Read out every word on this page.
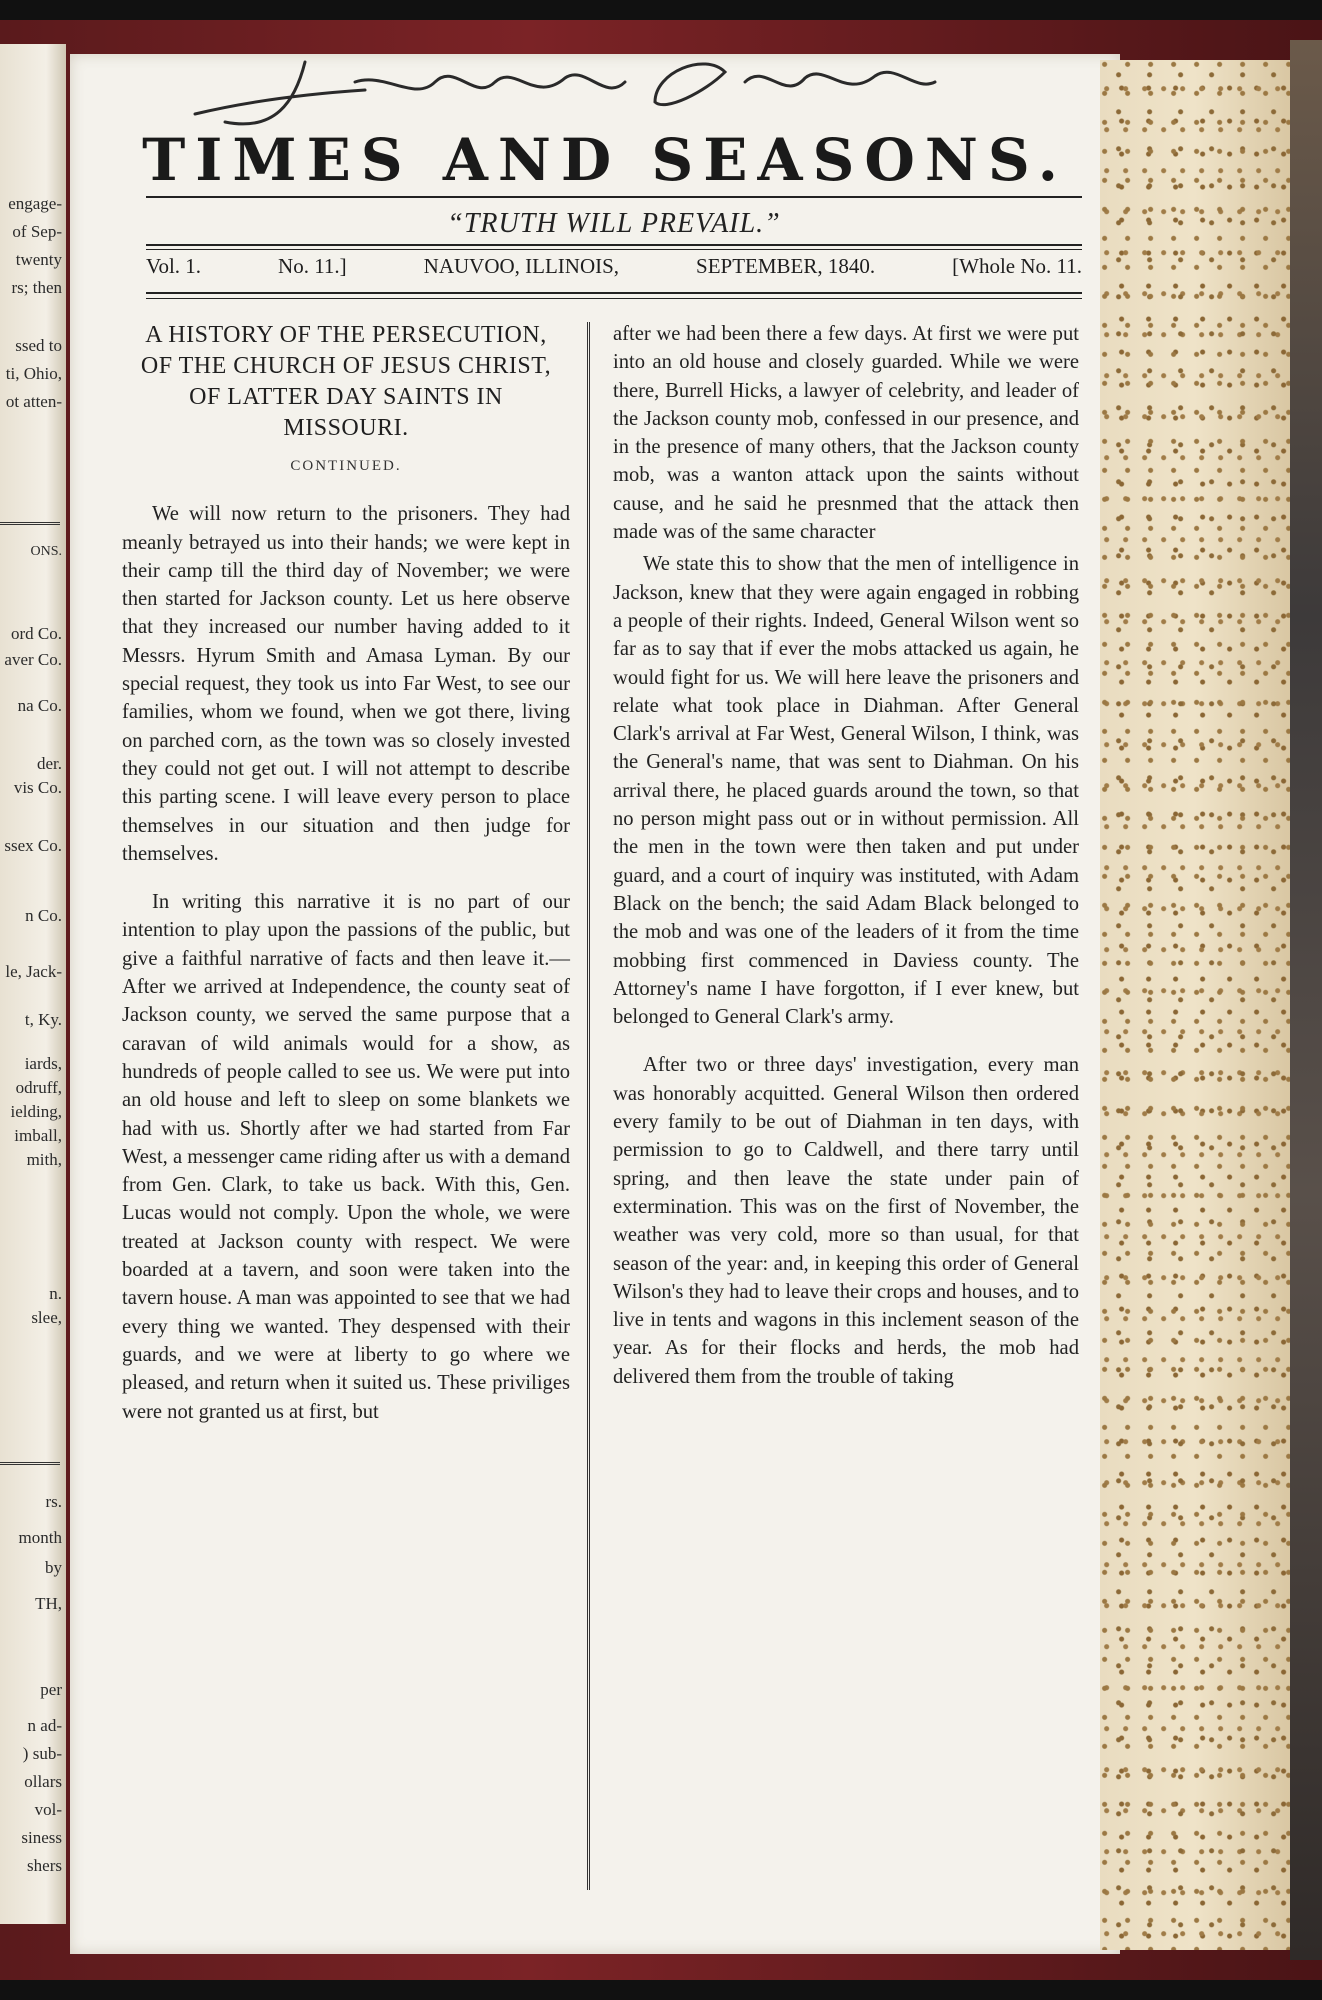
engage-
of Sep-
twenty
rs; then
ssed to
ti, Ohio,
ot atten-
ONS.
ord Co.
aver Co.
na Co.
der.
vis Co.
ssex Co.
n Co.
le, Jack-
t, Ky.
iards,
odruff,
ielding,
imball,
mith,
n.
slee,
rs.
month
by
TH,
per
n ad-
) sub-
ollars
vol-
siness
shers
TIMES AND SEASONS.
“TRUTH WILL PREVAIL.”
Vol. 1.	No. 11.]	NAUVOO, ILLINOIS,	SEPTEMBER, 1840.	[Whole No. 11.
A HISTORY OF THE PERSECUTION, OF THE CHURCH OF JESUS CHRIST, OF LATTER DAY SAINTS IN MISSOURI.
CONTINUED.

We will now return to the prisoners. They had meanly betrayed us into their hands; we were kept in their camp till the third day of November; we were then started for Jackson county. Let us here observe that they increased our number having added to it Messrs. Hyrum Smith and Amasa Lyman. By our special request, they took us into Far West, to see our families, whom we found, when we got there, living on parched corn, as the town was so closely invested they could not get out. I will not attempt to describe this parting scene. I will leave every person to place themselves in our situation and then judge for themselves.

In writing this narrative it is no part of our intention to play upon the passions of the public, but give a faithful narrative of facts and then leave it.— After we arrived at Independence, the county seat of Jackson county, we served the same purpose that a caravan of wild animals would for a show, as hundreds of people called to see us. We were put into an old house and left to sleep on some blankets we had with us. Shortly after we had started from Far West, a messenger came riding after us with a demand from Gen. Clark, to take us back. With this, Gen. Lucas would not comply. Upon the whole, we were treated at Jackson county with respect. We were boarded at a tavern, and soon were taken into the tavern house. A man was appointed to see that we had every thing we wanted. They despensed with their guards, and we were at liberty to go where we pleased, and return when it suited us. These priviliges were not granted us at first, but

after we had been there a few days. At first we were put into an old house and closely guarded. While we were there, Burrell Hicks, a lawyer of celebrity, and leader of the Jackson county mob, confessed in our presence, and in the presence of many others, that the Jackson county mob, was a wanton attack upon the saints without cause, and he said he presnmed that the attack then made was of the same character

We state this to show that the men of intelligence in Jackson, knew that they were again engaged in robbing a people of their rights. Indeed, General Wilson went so far as to say that if ever the mobs attacked us again, he would fight for us. We will here leave the prisoners and relate what took place in Diahman. After General Clark's arrival at Far West, General Wilson, I think, was the General's name, that was sent to Diahman. On his arrival there, he placed guards around the town, so that no person might pass out or in without permission. All the men in the town were then taken and put under guard, and a court of inquiry was instituted, with Adam Black on the bench; the said Adam Black belonged to the mob and was one of the leaders of it from the time mobbing first commenced in Daviess county. The Attorney's name I have forgotton, if I ever knew, but belonged to General Clark's army.

After two or three days' investigation, every man was honorably acquitted. General Wilson then ordered every family to be out of Diahman in ten days, with permission to go to Caldwell, and there tarry until spring, and then leave the state under pain of extermination. This was on the first of November, the weather was very cold, more so than usual, for that season of the year: and, in keeping this order of General Wilson's they had to leave their crops and houses, and to live in tents and wagons in this inclement season of the year. As for their flocks and herds, the mob had delivered them from the trouble of taking
